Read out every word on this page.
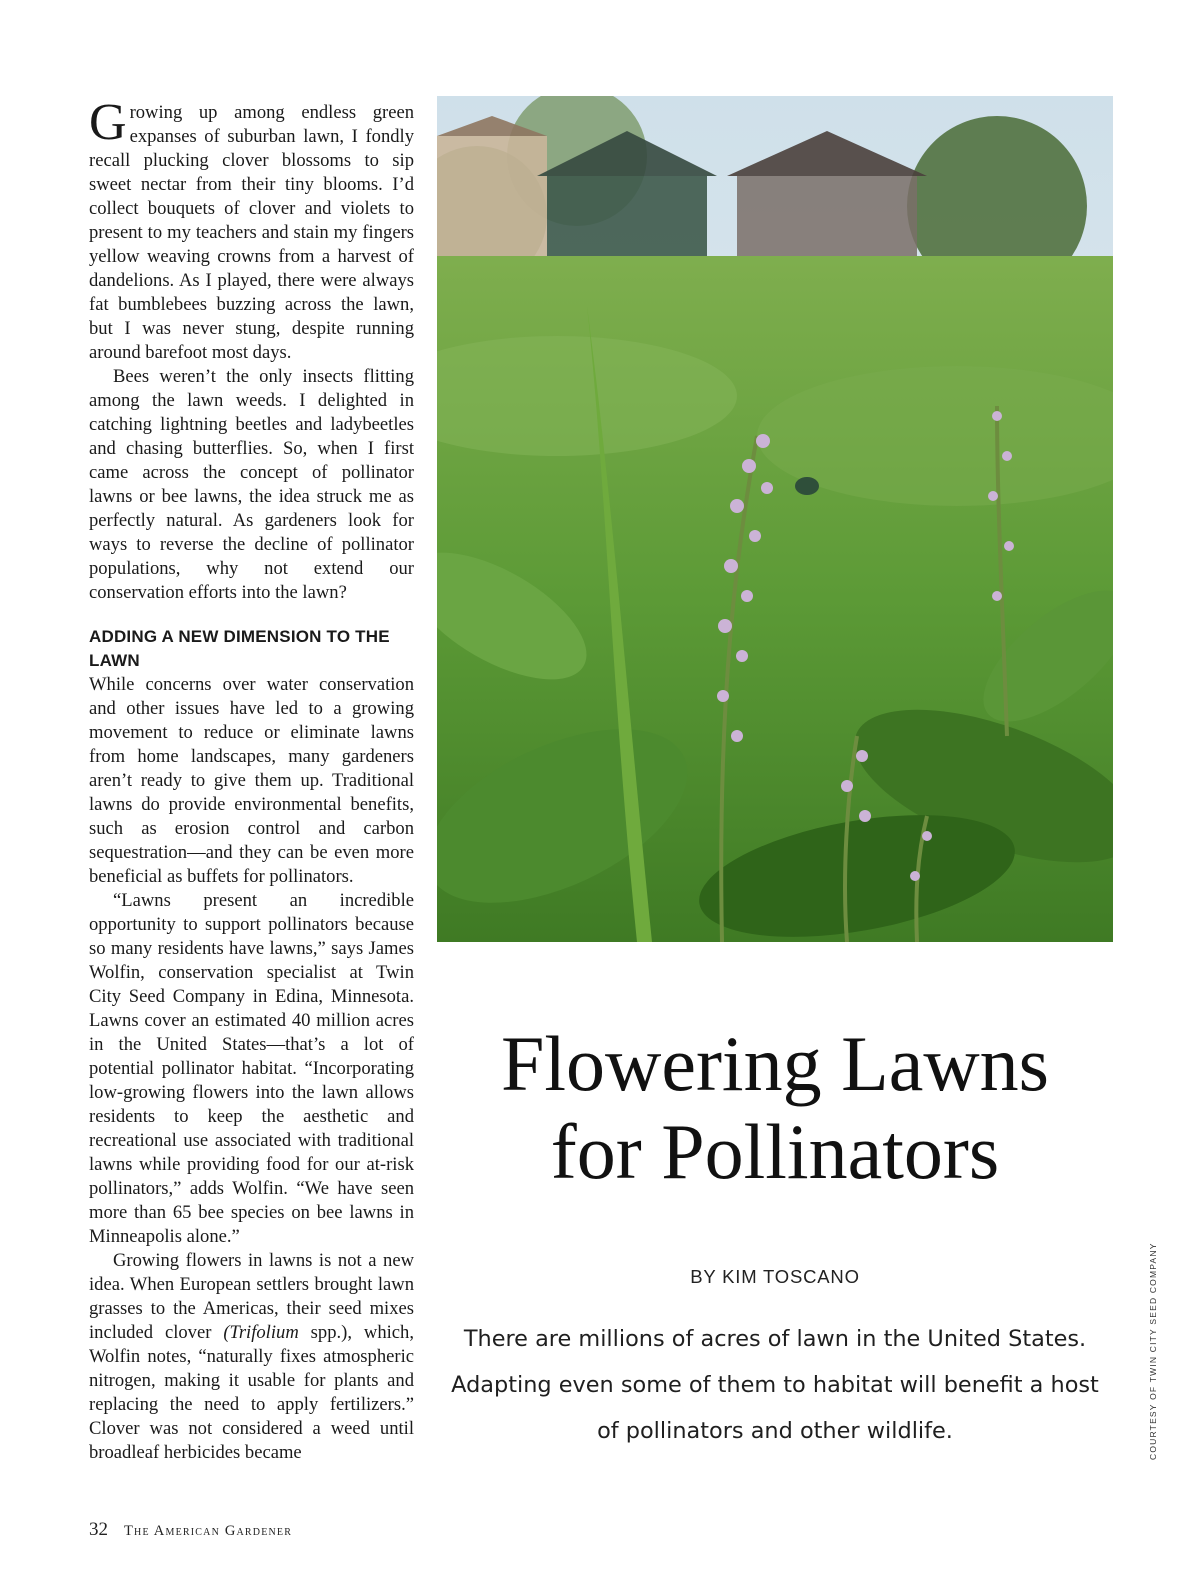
Growing up among endless green expanses of suburban lawn, I fondly recall plucking clover blossoms to sip sweet nectar from their tiny blooms. I’d collect bouquets of clover and violets to present to my teachers and stain my fingers yellow weaving crowns from a harvest of dandelions. As I played, there were always fat bumblebees buzzing across the lawn, but I was never stung, despite running around barefoot most days.

Bees weren’t the only insects flitting among the lawn weeds. I delighted in catching lightning beetles and ladybeetles and chasing butterflies. So, when I first came across the concept of pollinator lawns or bee lawns, the idea struck me as perfectly natural. As gardeners look for ways to reverse the decline of pollinator populations, why not extend our conservation efforts into the lawn?

ADDING A NEW DIMENSION TO THE LAWN

While concerns over water conservation and other issues have led to a growing movement to reduce or eliminate lawns from home landscapes, many gardeners aren’t ready to give them up. Traditional lawns do provide environmental benefits, such as erosion control and carbon sequestration—and they can be even more beneficial as buffets for pollinators.

“Lawns present an incredible opportunity to support pollinators because so many residents have lawns,” says James Wolfin, conservation specialist at Twin City Seed Company in Edina, Minnesota. Lawns cover an estimated 40 million acres in the United States—that’s a lot of potential pollinator habitat. “Incorporating low-growing flowers into the lawn allows residents to keep the aesthetic and recreational use associated with traditional lawns while providing food for our at-risk pollinators,” adds Wolfin. “We have seen more than 65 bee species on bee lawns in Minneapolis alone.”

Growing flowers in lawns is not a new idea. When European settlers brought lawn grasses to the Americas, their seed mixes included clover (Trifolium spp.), which, Wolfin notes, “naturally fixes atmospheric nitrogen, making it usable for plants and replacing the need to apply fertilizers.” Clover was not considered a weed until broadleaf herbicides became

Flowering Lawns
for Pollinators
BY KIM TOSCANO
There are millions of acres of lawn in the United States. Adapting even some of them to habitat will benefit a host of pollinators and other wildlife.	COURTESY OF TWIN CITY SEED COMPANY
32 The American Gardener
